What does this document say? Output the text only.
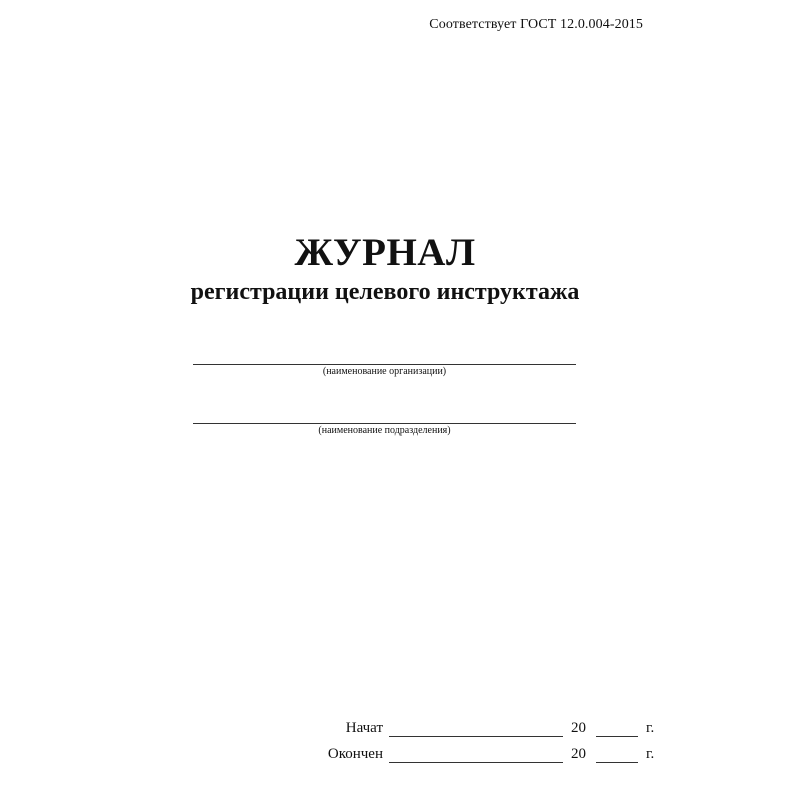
Соответствует ГОСТ 12.0.004-2015
ЖУРНАЛ
регистрации целевого инструктажа
(наименование организации)
(наименование подразделения)
Начат	20	г.
Окончен	20	г.
